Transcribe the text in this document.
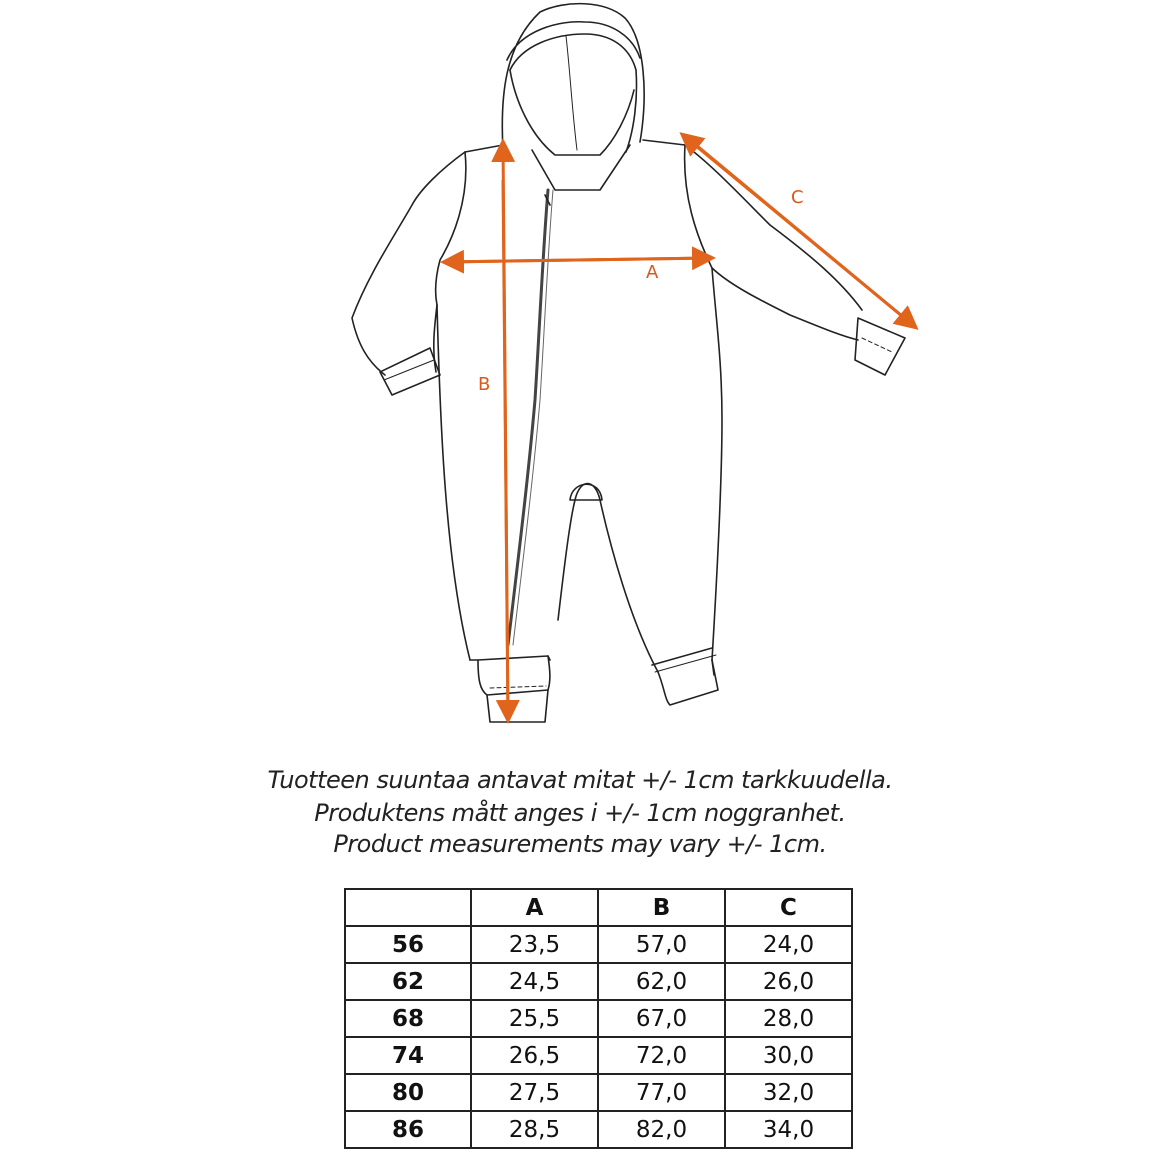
A
B
C
Tuotteen suuntaa antavat mitat +/- 1cm tarkkuudella.
Produktens mått anges i +/- 1cm noggranhet.
Product measurements may vary +/- 1cm.
	A	B	C
56	23,5	57,0	24,0
62	24,5	62,0	26,0
68	25,5	67,0	28,0
74	26,5	72,0	30,0
80	27,5	77,0	32,0
86	28,5	82,0	34,0
